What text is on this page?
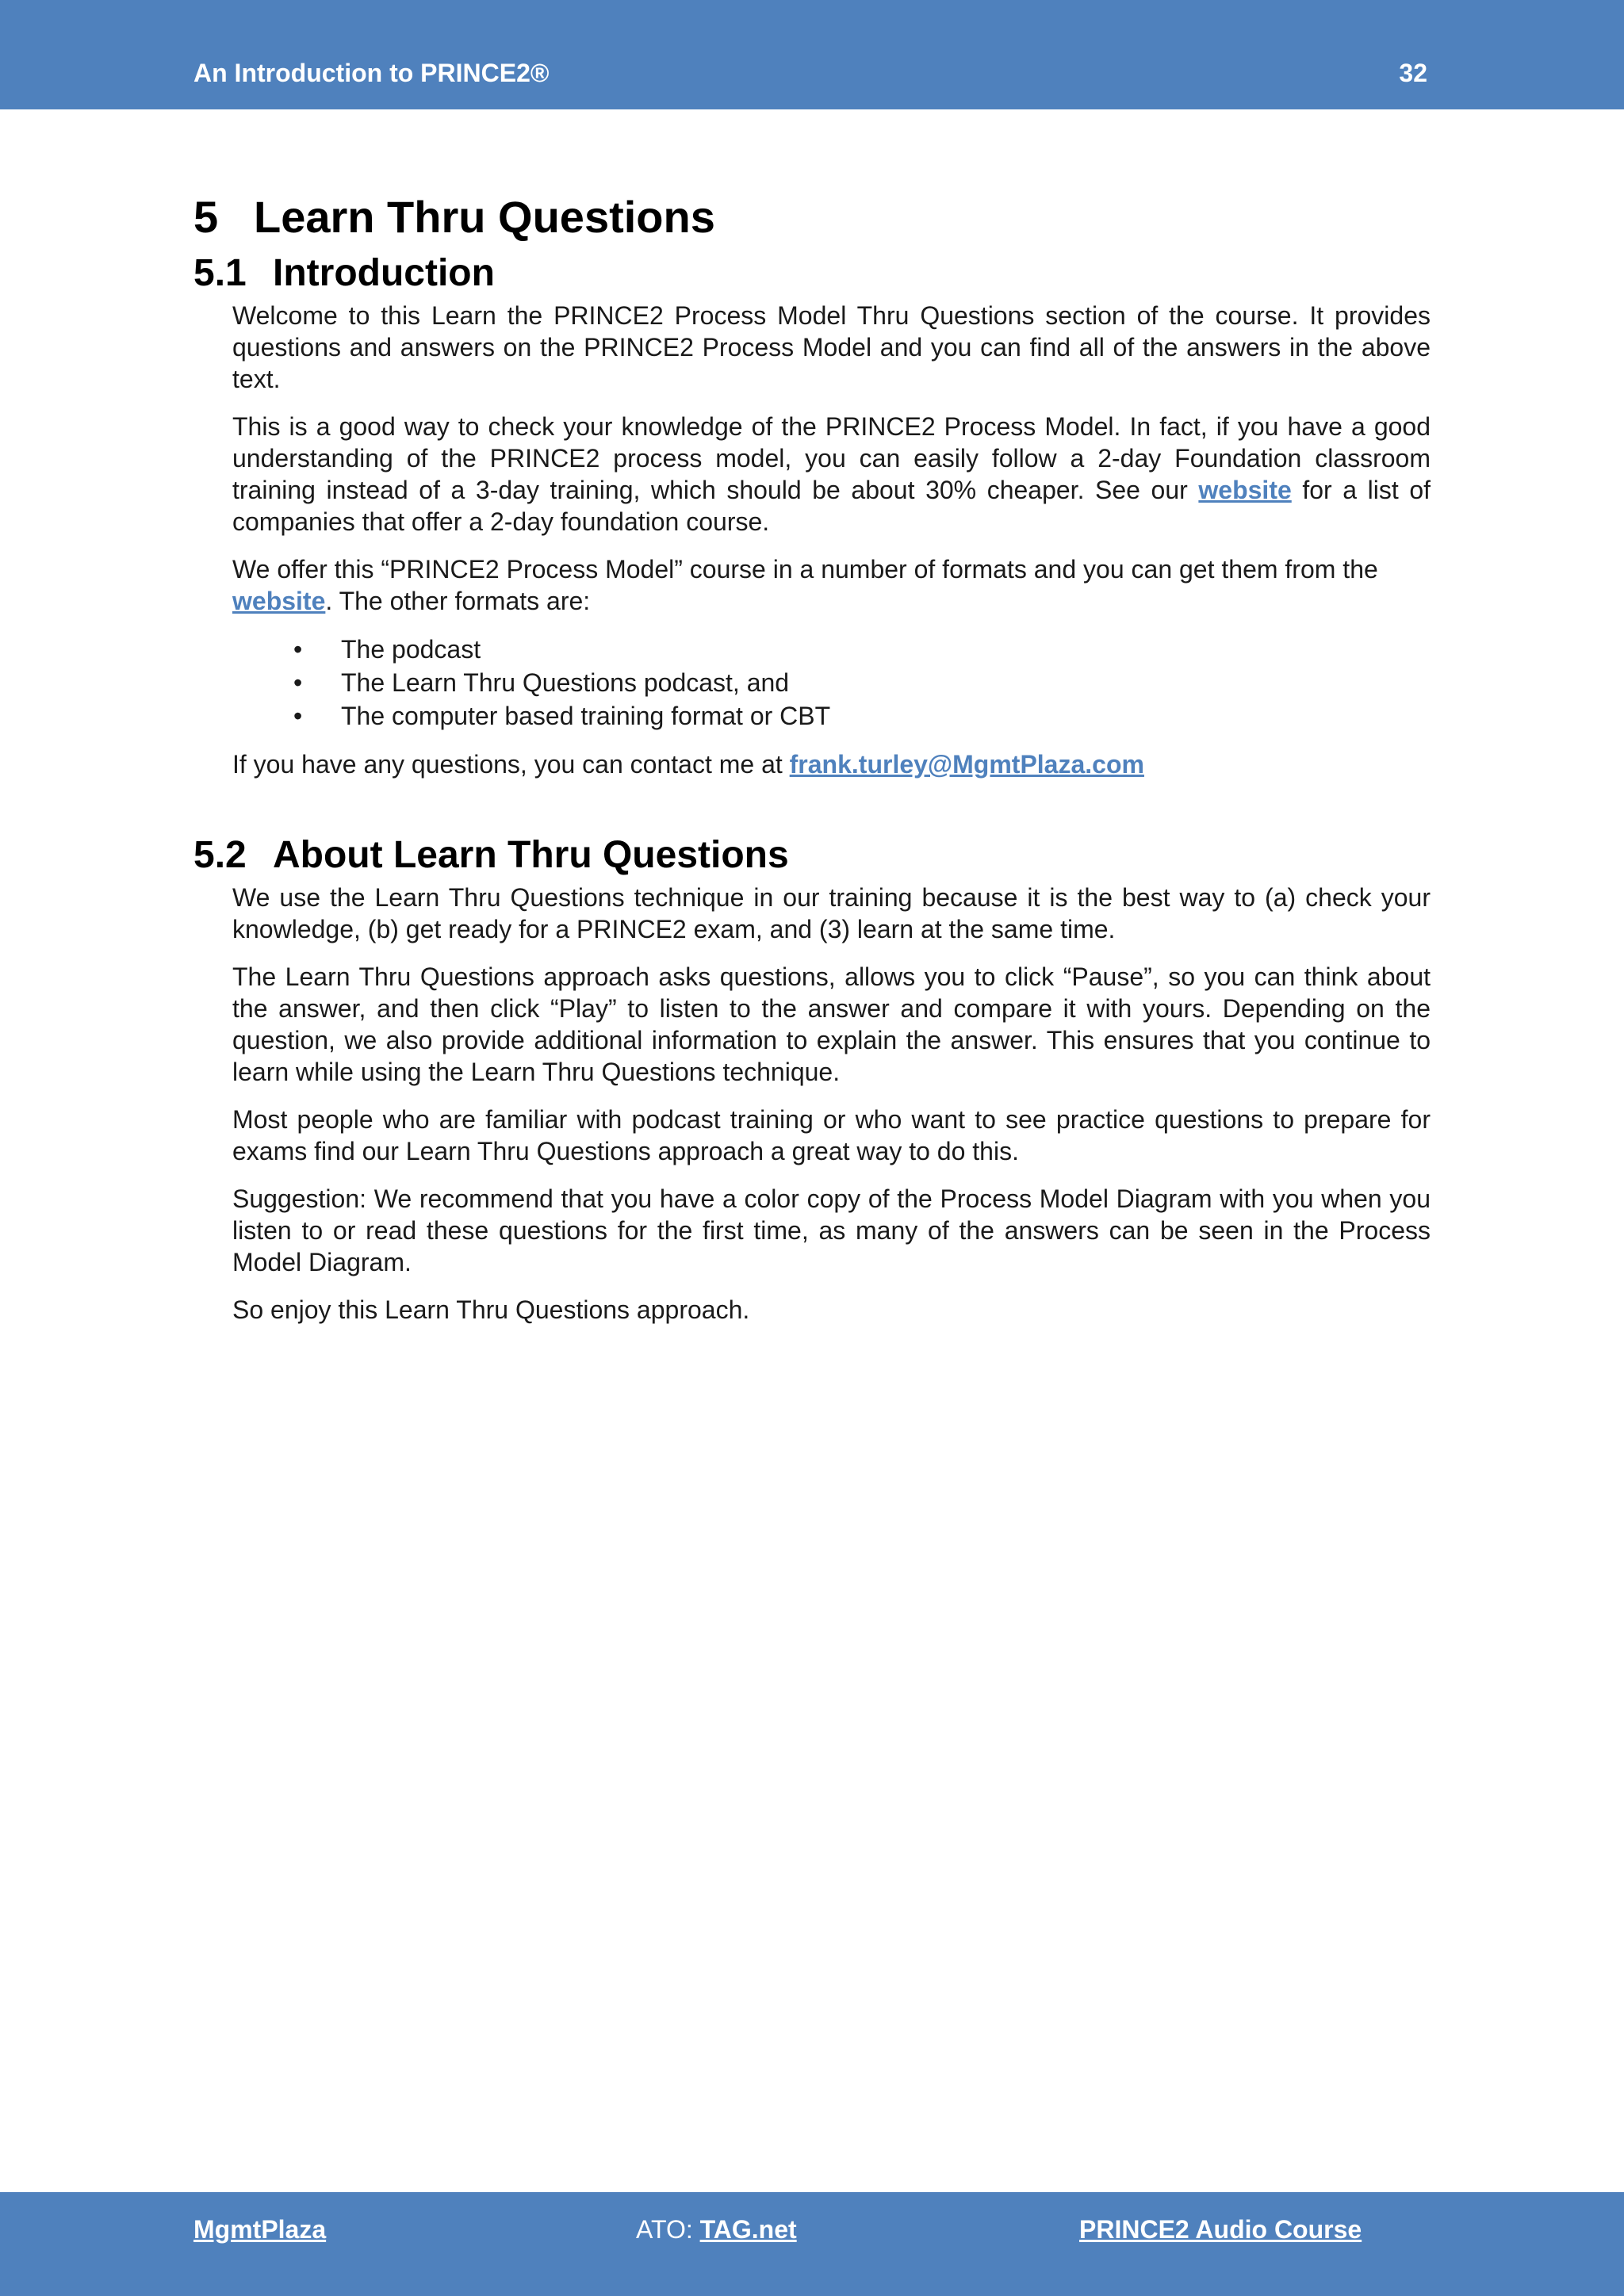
An Introduction to PRINCE2®	32
5 Learn Thru Questions
5.1 Introduction

Welcome to this Learn the PRINCE2 Process Model Thru Questions section of the course. It provides questions and answers on the PRINCE2 Process Model and you can find all of the answers in the above text.

This is a good way to check your knowledge of the PRINCE2 Process Model. In fact, if you have a good understanding of the PRINCE2 process model, you can easily follow a 2-day Foundation classroom training instead of a 3-day training, which should be about 30% cheaper. See our website for a list of companies that offer a 2-day foundation course.

We offer this “PRINCE2 Process Model” course in a number of formats and you can get them from the website. The other formats are:

• The podcast
• The Learn Thru Questions podcast, and
• The computer based training format or CBT

If you have any questions, you can contact me at frank.turley@MgmtPlaza.com

5.2 About Learn Thru Questions

We use the Learn Thru Questions technique in our training because it is the best way to (a) check your knowledge, (b) get ready for a PRINCE2 exam, and (3) learn at the same time.

The Learn Thru Questions approach asks questions, allows you to click “Pause”, so you can think about the answer, and then click “Play” to listen to the answer and compare it with yours. Depending on the question, we also provide additional information to explain the answer. This ensures that you continue to learn while using the Learn Thru Questions technique.

Most people who are familiar with podcast training or who want to see practice questions to prepare for exams find our Learn Thru Questions approach a great way to do this.

Suggestion: We recommend that you have a color copy of the Process Model Diagram with you when you listen to or read these questions for the first time, as many of the answers can be seen in the Process Model Diagram.

So enjoy this Learn Thru Questions approach.

MgmtPlaza	ATO: TAG.net	PRINCE2 Audio Course
